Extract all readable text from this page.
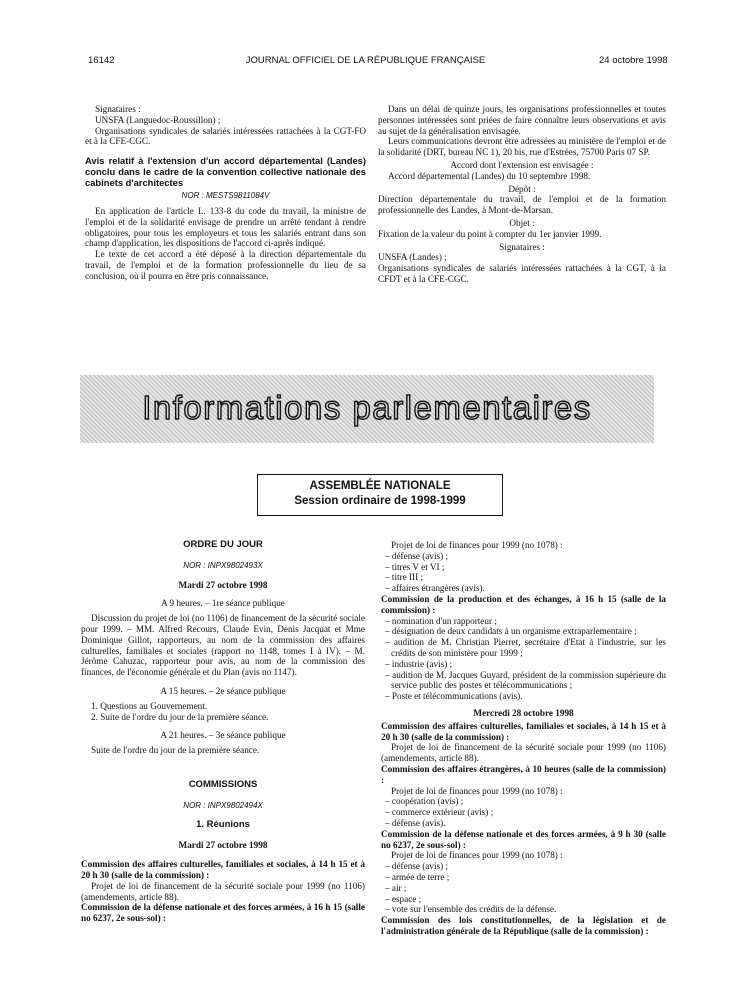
16142	JOURNAL OFFICIEL DE LA RÉPUBLIQUE FRANÇAISE	24 octobre 1998

Signataires :

UNSFA (Languedoc-Roussillon) ;

Organisations syndicales de salariés intéressées rattachées à la CGT-FO et à la CFE-CGC.

Avis relatif à l'extension d'un accord départemental (Landes) conclu dans le cadre de la convention collective nationale des cabinets d'architectes

NOR : MESTS9811084V

En application de l'article L. 133-8 du code du travail, la ministre de l'emploi et de la solidarité envisage de prendre un arrêté tendant à rendre obligatoires, pour tous les employeurs et tous les salariés entrant dans son champ d'application, les dispositions de l'accord ci-après indiqué.

Le texte de cet accord a été déposé à la direction départementale du travail, de l'emploi et de la formation professionnelle du lieu de sa conclusion, où il pourra en être pris connaissance.

Dans un délai de quinze jours, les organisations professionnelles et toutes personnes intéressées sont priées de faire connaître leurs observations et avis au sujet de la généralisation envisagée.

Leurs communications devront être adressées au ministère de l'emploi et de la solidarité (DRT, bureau NC 1), 20 bis, rue d'Estrées, 75700 Paris 07 SP.

Accord dont l'extension est envisagée :

Accord départemental (Landes) du 10 septembre 1998.

Dépôt :

Direction départementale du travail, de l'emploi et de la formation professionnelle des Landes, à Mont-de-Marsan.

Objet :

Fixation de la valeur du point à compter du 1er janvier 1999.

Signataires :

UNSFA (Landes) ;

Organisations syndicales de salariés intéressées rattachées à la CGT, à la CFDT et à la CFE-CGC.

Informations parlementaires
ASSEMBLÉE NATIONALE
Session ordinaire de 1998-1999

ORDRE DU JOUR

NOR : INPX9802493X

Mardi 27 octobre 1998

A 9 heures. – 1re séance publique

Discussion du projet de loi (no 1106) de financement de la sécurité sociale pour 1999. – MM. Alfred Recours, Claude Evin, Denis Jacquat et Mme Dominique Gillot, rapporteurs, au nom de la commission des affaires culturelles, familiales et sociales (rapport no 1148, tomes I à IV). – M. Jérôme Cahuzac, rapporteur pour avis, au nom de la commission des finances, de l'économie générale et du Plan (avis no 1147).

A 15 heures. – 2e séance publique

1. Questions au Gouvernement.

2. Suite de l'ordre du jour de la première séance.

A 21 heures. – 3e séance publique

Suite de l'ordre du jour de la première séance.

COMMISSIONS

NOR : INPX9802494X

1. Réunions

Mardi 27 octobre 1998

Commission des affaires culturelles, familiales et sociales, à 14 h 15 et à 20 h 30 (salle de la commission) :

Projet de loi de financement de la sécurité sociale pour 1999 (no 1106) (amendements, article 88).

Commission de la défense nationale et des forces armées, à 16 h 15 (salle no 6237, 2e sous-sol) :

Projet de loi de finances pour 1999 (no 1078) :

– défense (avis) ;

– titres V et VI ;

– titre III ;

– affaires étrangères (avis).

Commission de la production et des échanges, à 16 h 15 (salle de la commission) :

– nomination d'un rapporteur ;

– désignation de deux candidats à un organisme extraparlementaire ;

– audition de M. Christian Pierret, secrétaire d'Etat à l'industrie, sur les crédits de son ministère pour 1999 ;

– industrie (avis) ;

– audition de M. Jacques Guyard, président de la commission supérieure du service public des postes et télécommunications ;

– Poste et télécommunications (avis).

Mercredi 28 octobre 1998

Commission des affaires culturelles, familiales et sociales, à 14 h 15 et à 20 h 30 (salle de la commission) :

Projet de loi de financement de la sécurité sociale pour 1999 (no 1106) (amendements, article 88).

Commission des affaires étrangères, à 10 heures (salle de la commission) :

Projet de loi de finances pour 1999 (no 1078) :

– coopération (avis) ;

– commerce extérieur (avis) ;

– défense (avis).

Commission de la défense nationale et des forces armées, à 9 h 30 (salle no 6237, 2e sous-sol) :

Projet de loi de finances pour 1999 (no 1078) :

– défense (avis) ;

– armée de terre ;

– air ;

– espace ;

– vote sur l'ensemble des crédits de la défense.

Commission des lois constitutionnelles, de la législation et de l'administration générale de la République (salle de la commission) :
